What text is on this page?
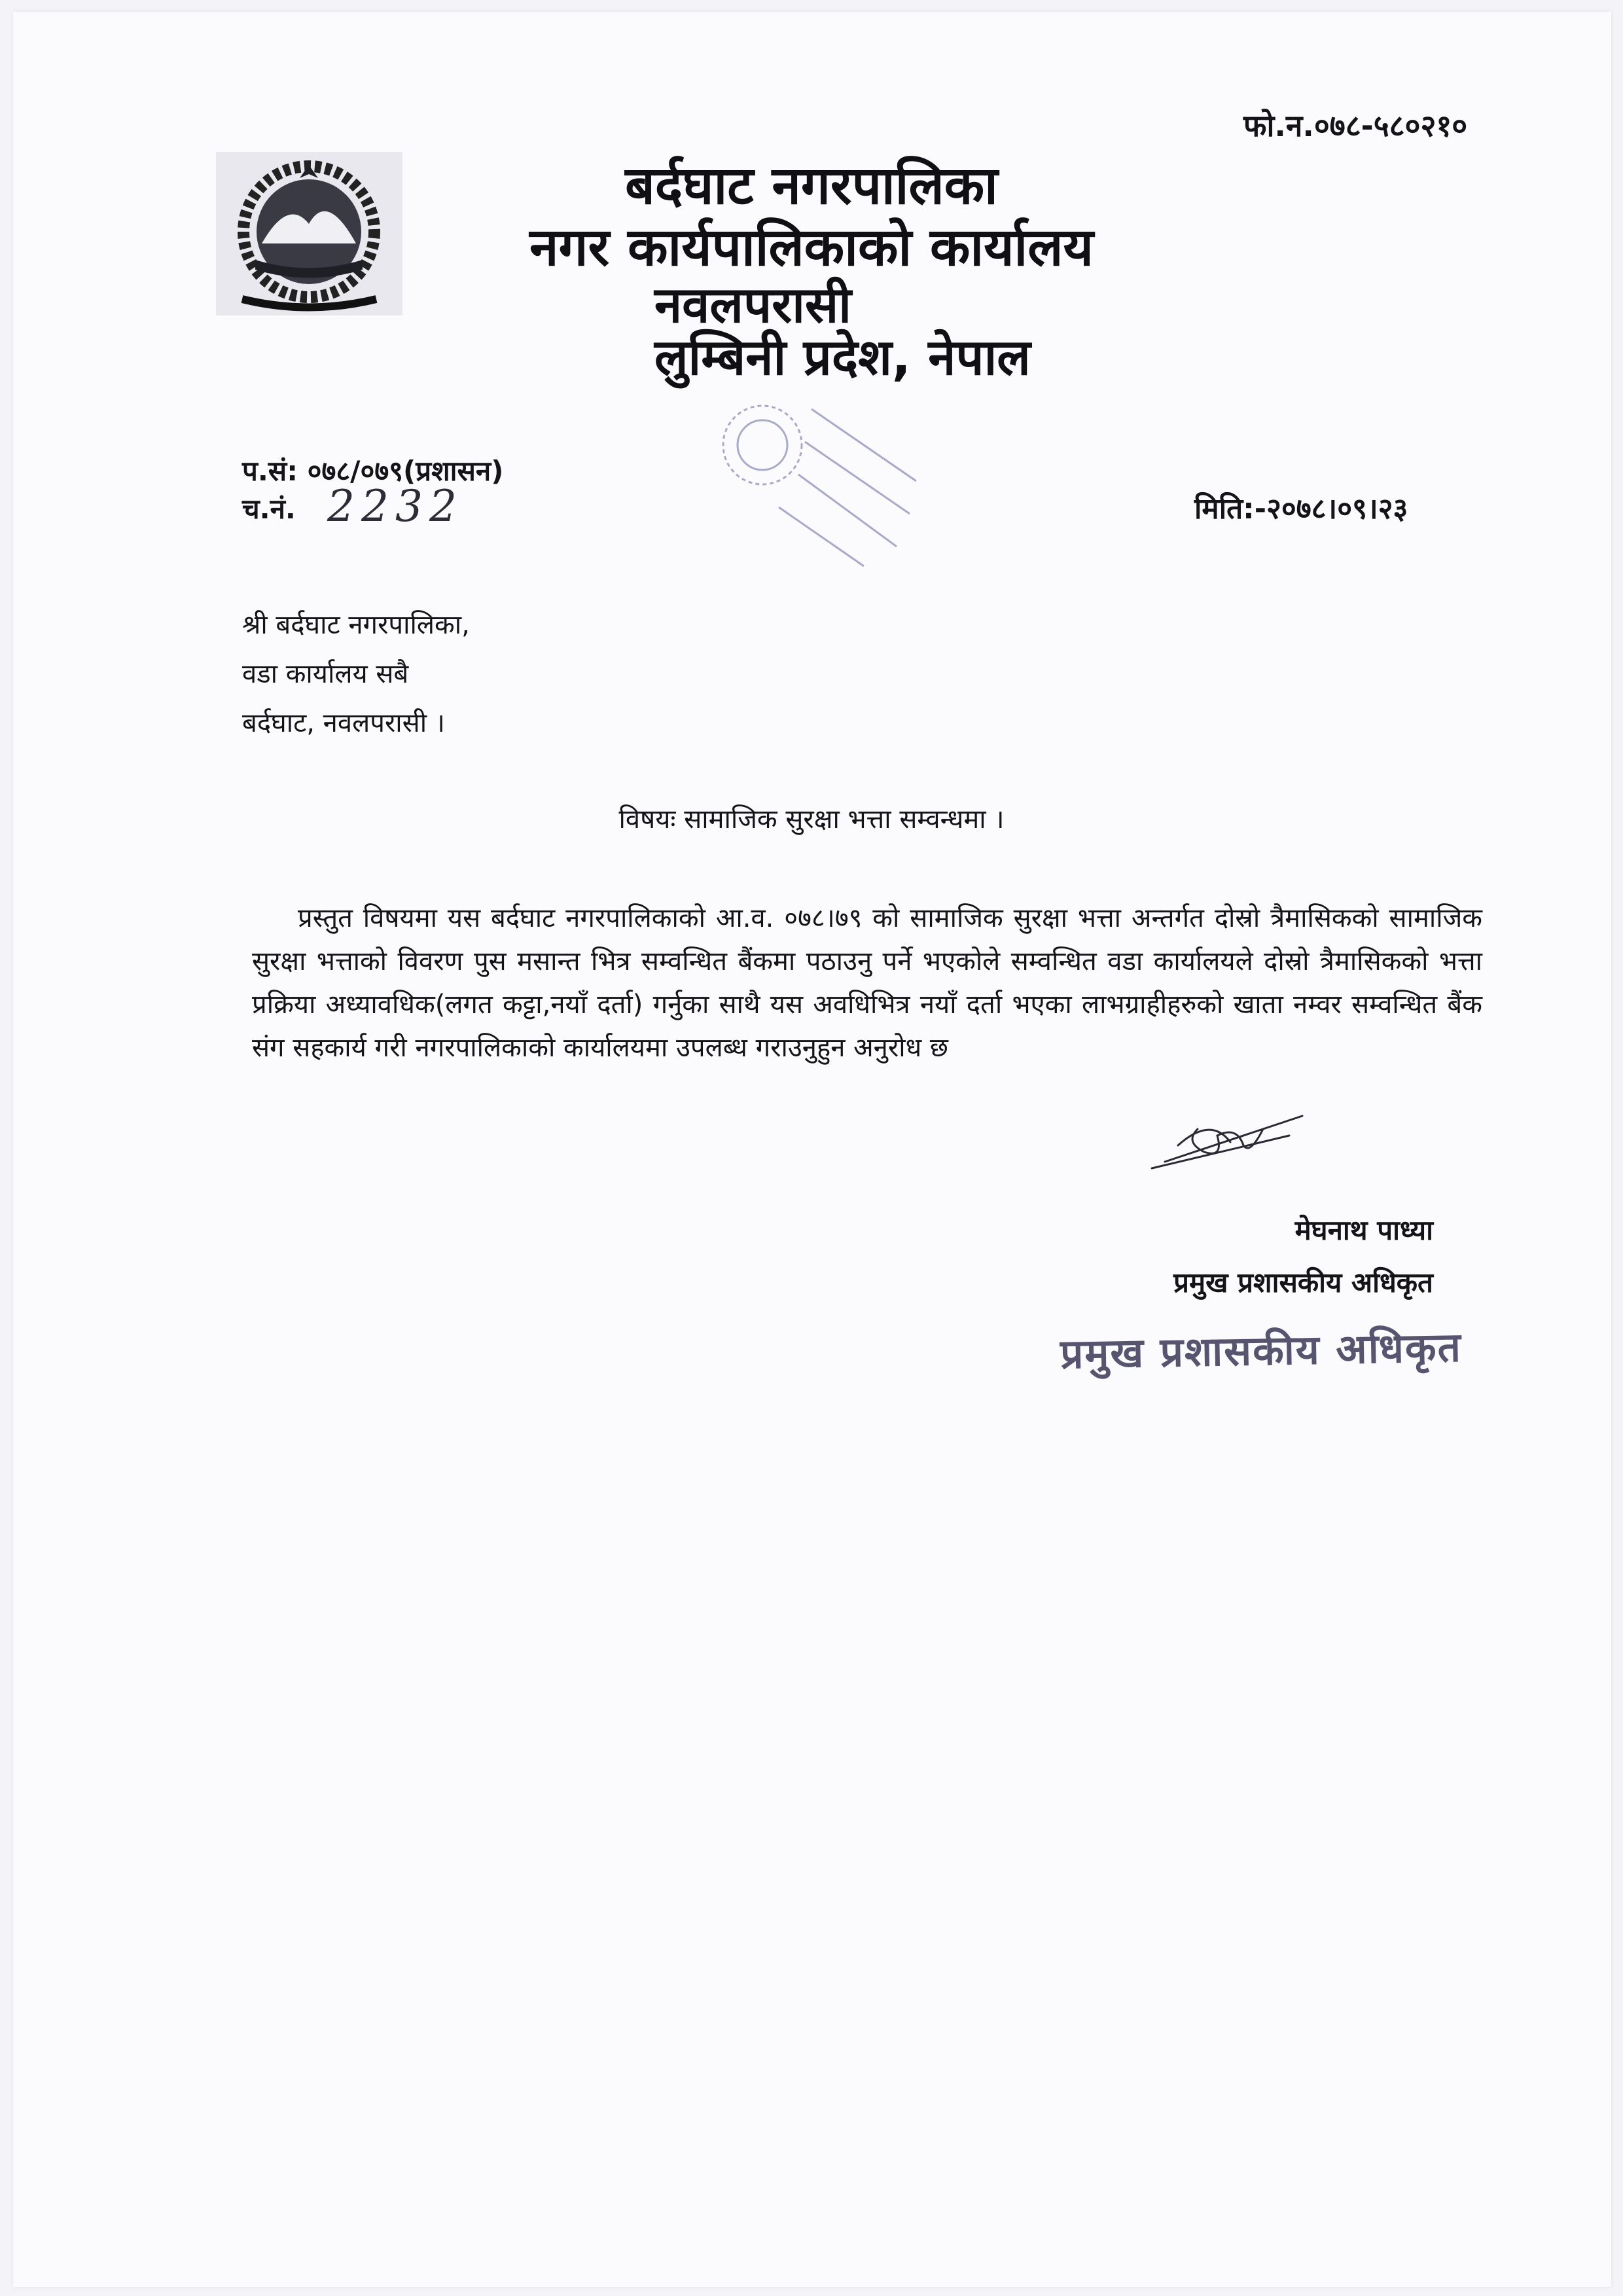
फो.न.०७८-५८०२१०
बर्दघाट नगरपालिका
नगर कार्यपालिकाको कार्यालय
नवलपरासी
लुम्बिनी प्रदेश, नेपाल
प.सं: ०७८/०७९(प्रशासन)
च.नं. 2232	मिति:-२०७८।०९।२३
श्री बर्दघाट नगरपालिका,
वडा कार्यालय सबै
बर्दघाट, नवलपरासी ।
विषयः सामाजिक सुरक्षा भत्ता सम्वन्धमा ।
प्रस्तुत विषयमा यस बर्दघाट नगरपालिकाको आ.व. ०७८।७९ को सामाजिक सुरक्षा भत्ता अन्तर्गत दोस्रो त्रैमासिकको सामाजिक सुरक्षा भत्ताको विवरण पुस मसान्त भित्र सम्वन्धित बैंकमा पठाउनु पर्ने भएकोले सम्वन्धित वडा कार्यालयले दोस्रो त्रैमासिकको भत्ता प्रक्रिया अध्यावधिक(लगत कट्टा,नयाँ दर्ता) गर्नुका साथै यस अवधिभित्र नयाँ दर्ता भएका लाभग्राहीहरुको खाता नम्वर सम्वन्धित बैंक संग सहकार्य गरी नगरपालिकाको कार्यालयमा उपलब्ध गराउनुहुन अनुरोध छ
मेघनाथ पाध्या
प्रमुख प्रशासकीय अधिकृत
प्रमुख प्रशासकीय अधिकृत
